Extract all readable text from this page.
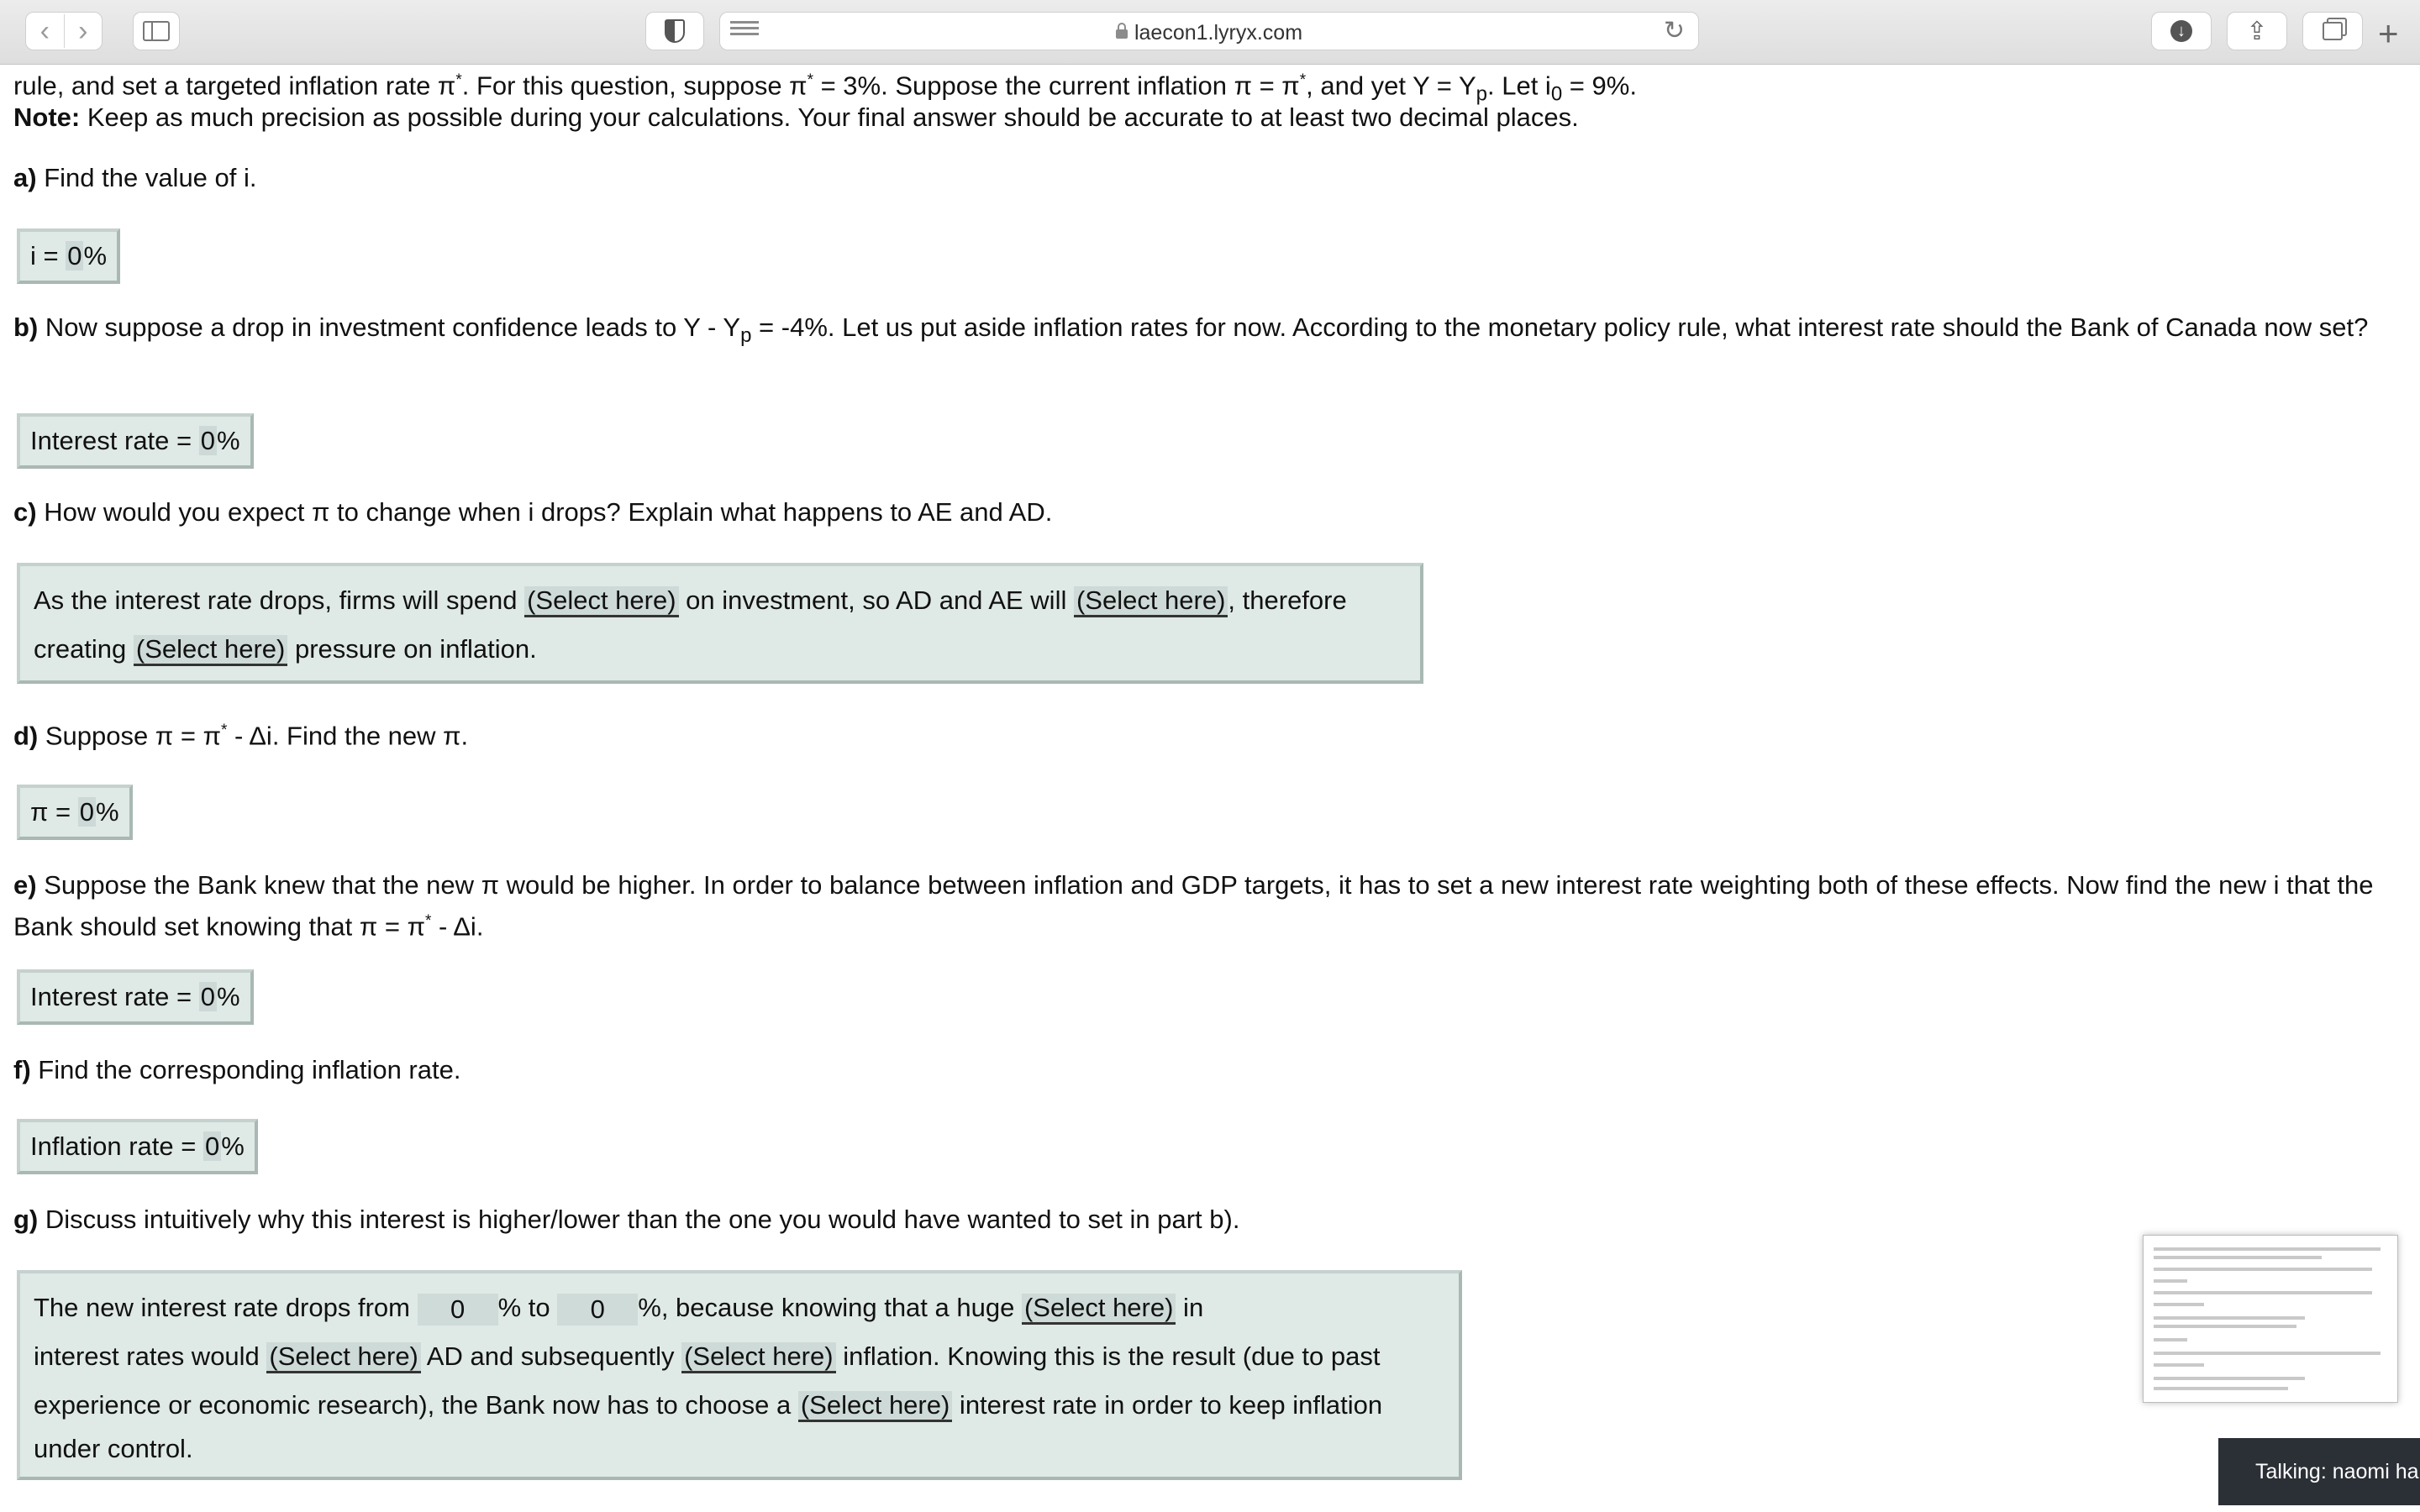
‹	›	laecon1.lyryx.com	↻	↓ ⇪	+
rule, and set a targeted inflation rate π*. For this question, suppose π* = 3%. Suppose the current inflation π = π*, and yet $Y = Y_p$. Let $i_0 = 9\%$.
Note: Keep as much precision as possible during your calculations. Your final answer should be accurate to at least two decimal places.
a) Find the value of i.
i = 0%
b) Now suppose a drop in investment confidence leads to $Y - Y_p = -4\%$. Let us put aside inflation rates for now. According to the monetary policy rule, what interest rate should the Bank of Canada now set?
Interest rate = 0%
c) How would you expect π to change when i drops? Explain what happens to AE and AD.
As the interest rate drops, firms will spend (Select here) on investment, so AD and AE will (Select here), therefore
creating (Select here) pressure on inflation.
d) Suppose π = π* - Δi. Find the new π.
π = 0%
e) Suppose the Bank knew that the new π would be higher. In order to balance between inflation and GDP targets, it has to set a new interest rate weighting both of these effects. Now find the new i that the Bank should set knowing that π = π* - Δi.
Interest rate = 0%
f) Find the corresponding inflation rate.
Inflation rate = 0%
g) Discuss intuitively why this interest is higher/lower than the one you would have wanted to set in part b).
The new interest rate drops from 0 % to 0 %, because knowing that a huge (Select here) in
interest rates would (Select here) AD and subsequently (Select here) inflation. Knowing this is the result (due to past
experience or economic research), the Bank now has to choose a (Select here) interest rate in order to keep inflation
under control.
Talking: naomi ha
